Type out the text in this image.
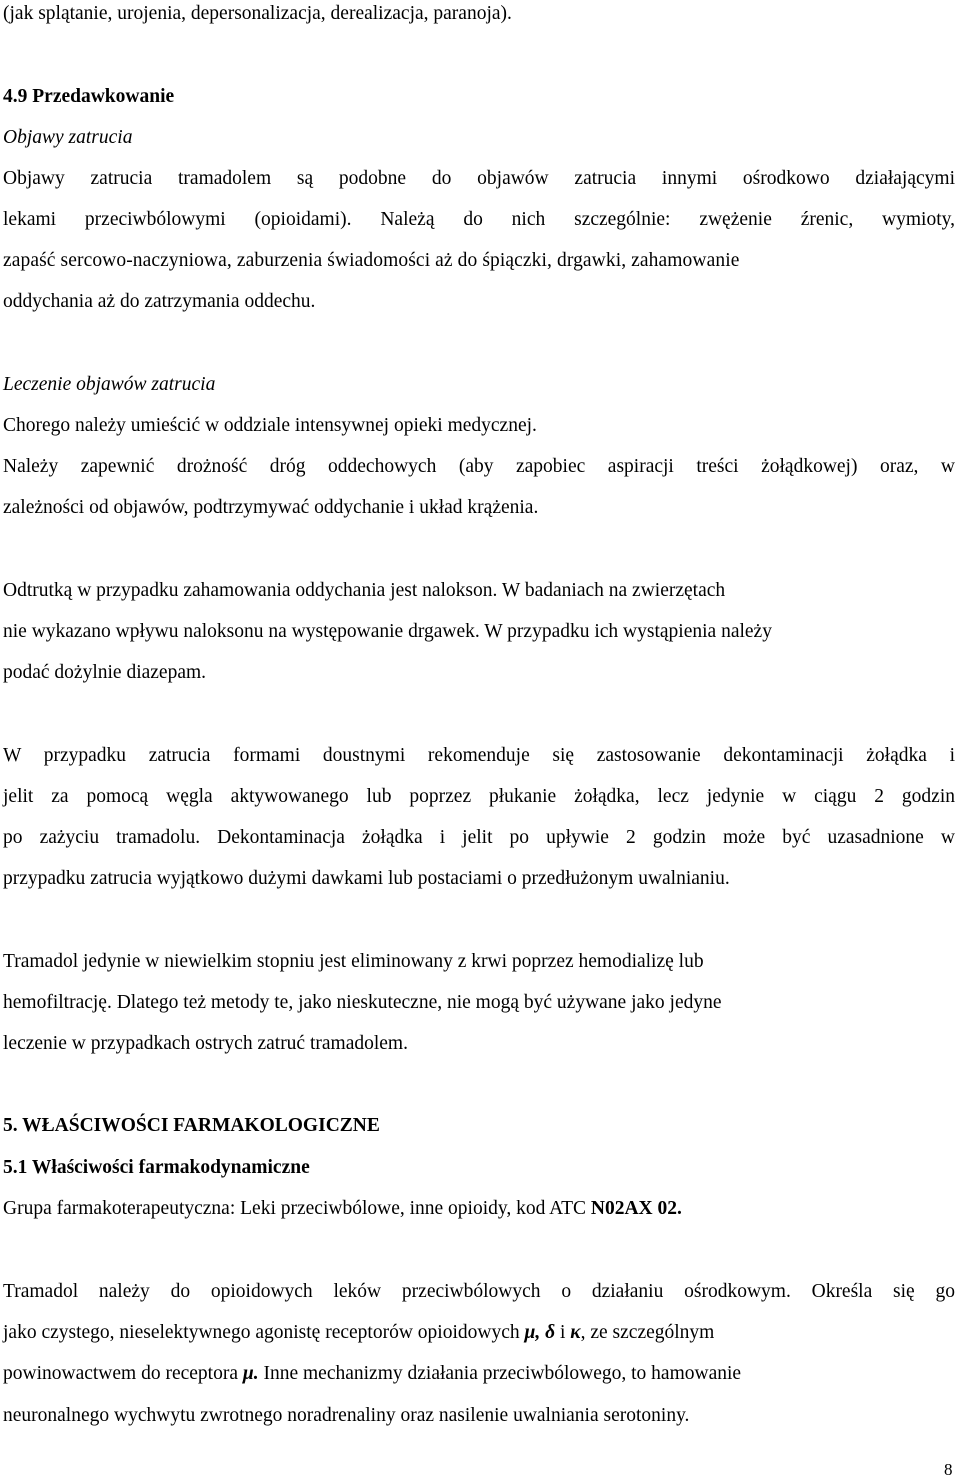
(jak splątanie, urojenia, depersonalizacja, derealizacja, paranoja).
4.9 Przedawkowanie
Objawy zatrucia
Objawy zatrucia tramadolem są podobne do objawów zatrucia innymi ośrodkowo działającymi
lekami przeciwbólowymi (opioidami). Należą do nich szczególnie: zwężenie źrenic, wymioty,
zapaść sercowo-naczyniowa, zaburzenia świadomości aż do śpiączki, drgawki, zahamowanie
oddychania aż do zatrzymania oddechu.
Leczenie objawów zatrucia
Chorego należy umieścić w oddziale intensywnej opieki medycznej.
Należy zapewnić drożność dróg oddechowych (aby zapobiec aspiracji treści żołądkowej) oraz, w
zależności od objawów, podtrzymywać oddychanie i układ krążenia.
Odtrutką w przypadku zahamowania oddychania jest nalokson. W badaniach na zwierzętach
nie wykazano wpływu naloksonu na występowanie drgawek. W przypadku ich wystąpienia należy
podać dożylnie diazepam.
W przypadku zatrucia formami doustnymi rekomenduje się zastosowanie dekontaminacji żołądka i
jelit za pomocą węgla aktywowanego lub poprzez płukanie żołądka, lecz jedynie w ciągu 2 godzin
po zażyciu tramadolu. Dekontaminacja żołądka i jelit po upływie 2 godzin może być uzasadnione w
przypadku zatrucia wyjątkowo dużymi dawkami lub postaciami o przedłużonym uwalnianiu.
Tramadol jedynie w niewielkim stopniu jest eliminowany z krwi poprzez hemodializę lub
hemofiltrację. Dlatego też metody te, jako nieskuteczne, nie mogą być używane jako jedyne
leczenie w przypadkach ostrych zatruć tramadolem.
5. WŁAŚCIWOŚCI FARMAKOLOGICZNE
5.1 Właściwości farmakodynamiczne
Grupa farmakoterapeutyczna: Leki przeciwbólowe, inne opioidy, kod ATC N02AX 02.
Tramadol należy do opioidowych leków przeciwbólowych o działaniu ośrodkowym. Określa się go
jako czystego, nieselektywnego agonistę receptorów opioidowych μ, δ i κ, ze szczególnym
powinowactwem do receptora μ. Inne mechanizmy działania przeciwbólowego, to hamowanie
neuronalnego wychwytu zwrotnego noradrenaliny oraz nasilenie uwalniania serotoniny.
8
